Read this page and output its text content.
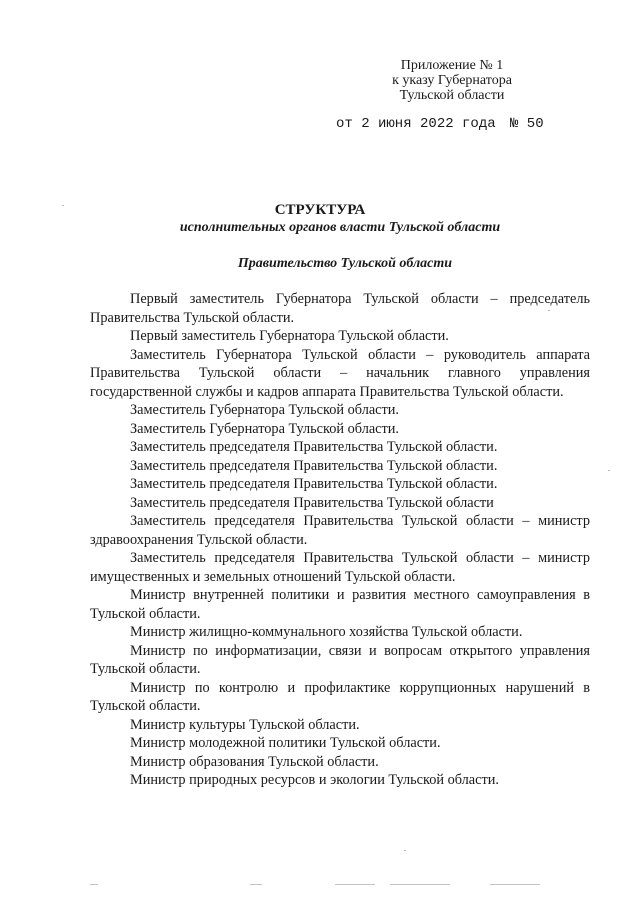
Приложение № 1
к указу Губернатора
Тульской области
от 2 июня 2022 года № 50
СТРУКТУРА
исполнительных органов власти Тульской области
Правительство Тульской области

Первый заместитель Губернатора Тульской области – председатель Правительства Тульской области.

Первый заместитель Губернатора Тульской области.

Заместитель Губернатора Тульской области – руководитель аппарата Правительства Тульской области – начальник главного управления государственной службы и кадров аппарата Правительства Тульской области.

Заместитель Губернатора Тульской области.

Заместитель Губернатора Тульской области.

Заместитель председателя Правительства Тульской области.

Заместитель председателя Правительства Тульской области.

Заместитель председателя Правительства Тульской области.

Заместитель председателя Правительства Тульской области

Заместитель председателя Правительства Тульской области – министр здравоохранения Тульской области.

Заместитель председателя Правительства Тульской области – министр имущественных и земельных отношений Тульской области.

Министр внутренней политики и развития местного самоуправления в Тульской области.

Министр жилищно-коммунального хозяйства Тульской области.

Министр по информатизации, связи и вопросам открытого управления Тульской области.

Министр по контролю и профилактике коррупционных нарушений в Тульской области.

Министр культуры Тульской области.

Министр молодежной политики Тульской области.

Министр образования Тульской области.

Министр природных ресурсов и экологии Тульской области.
